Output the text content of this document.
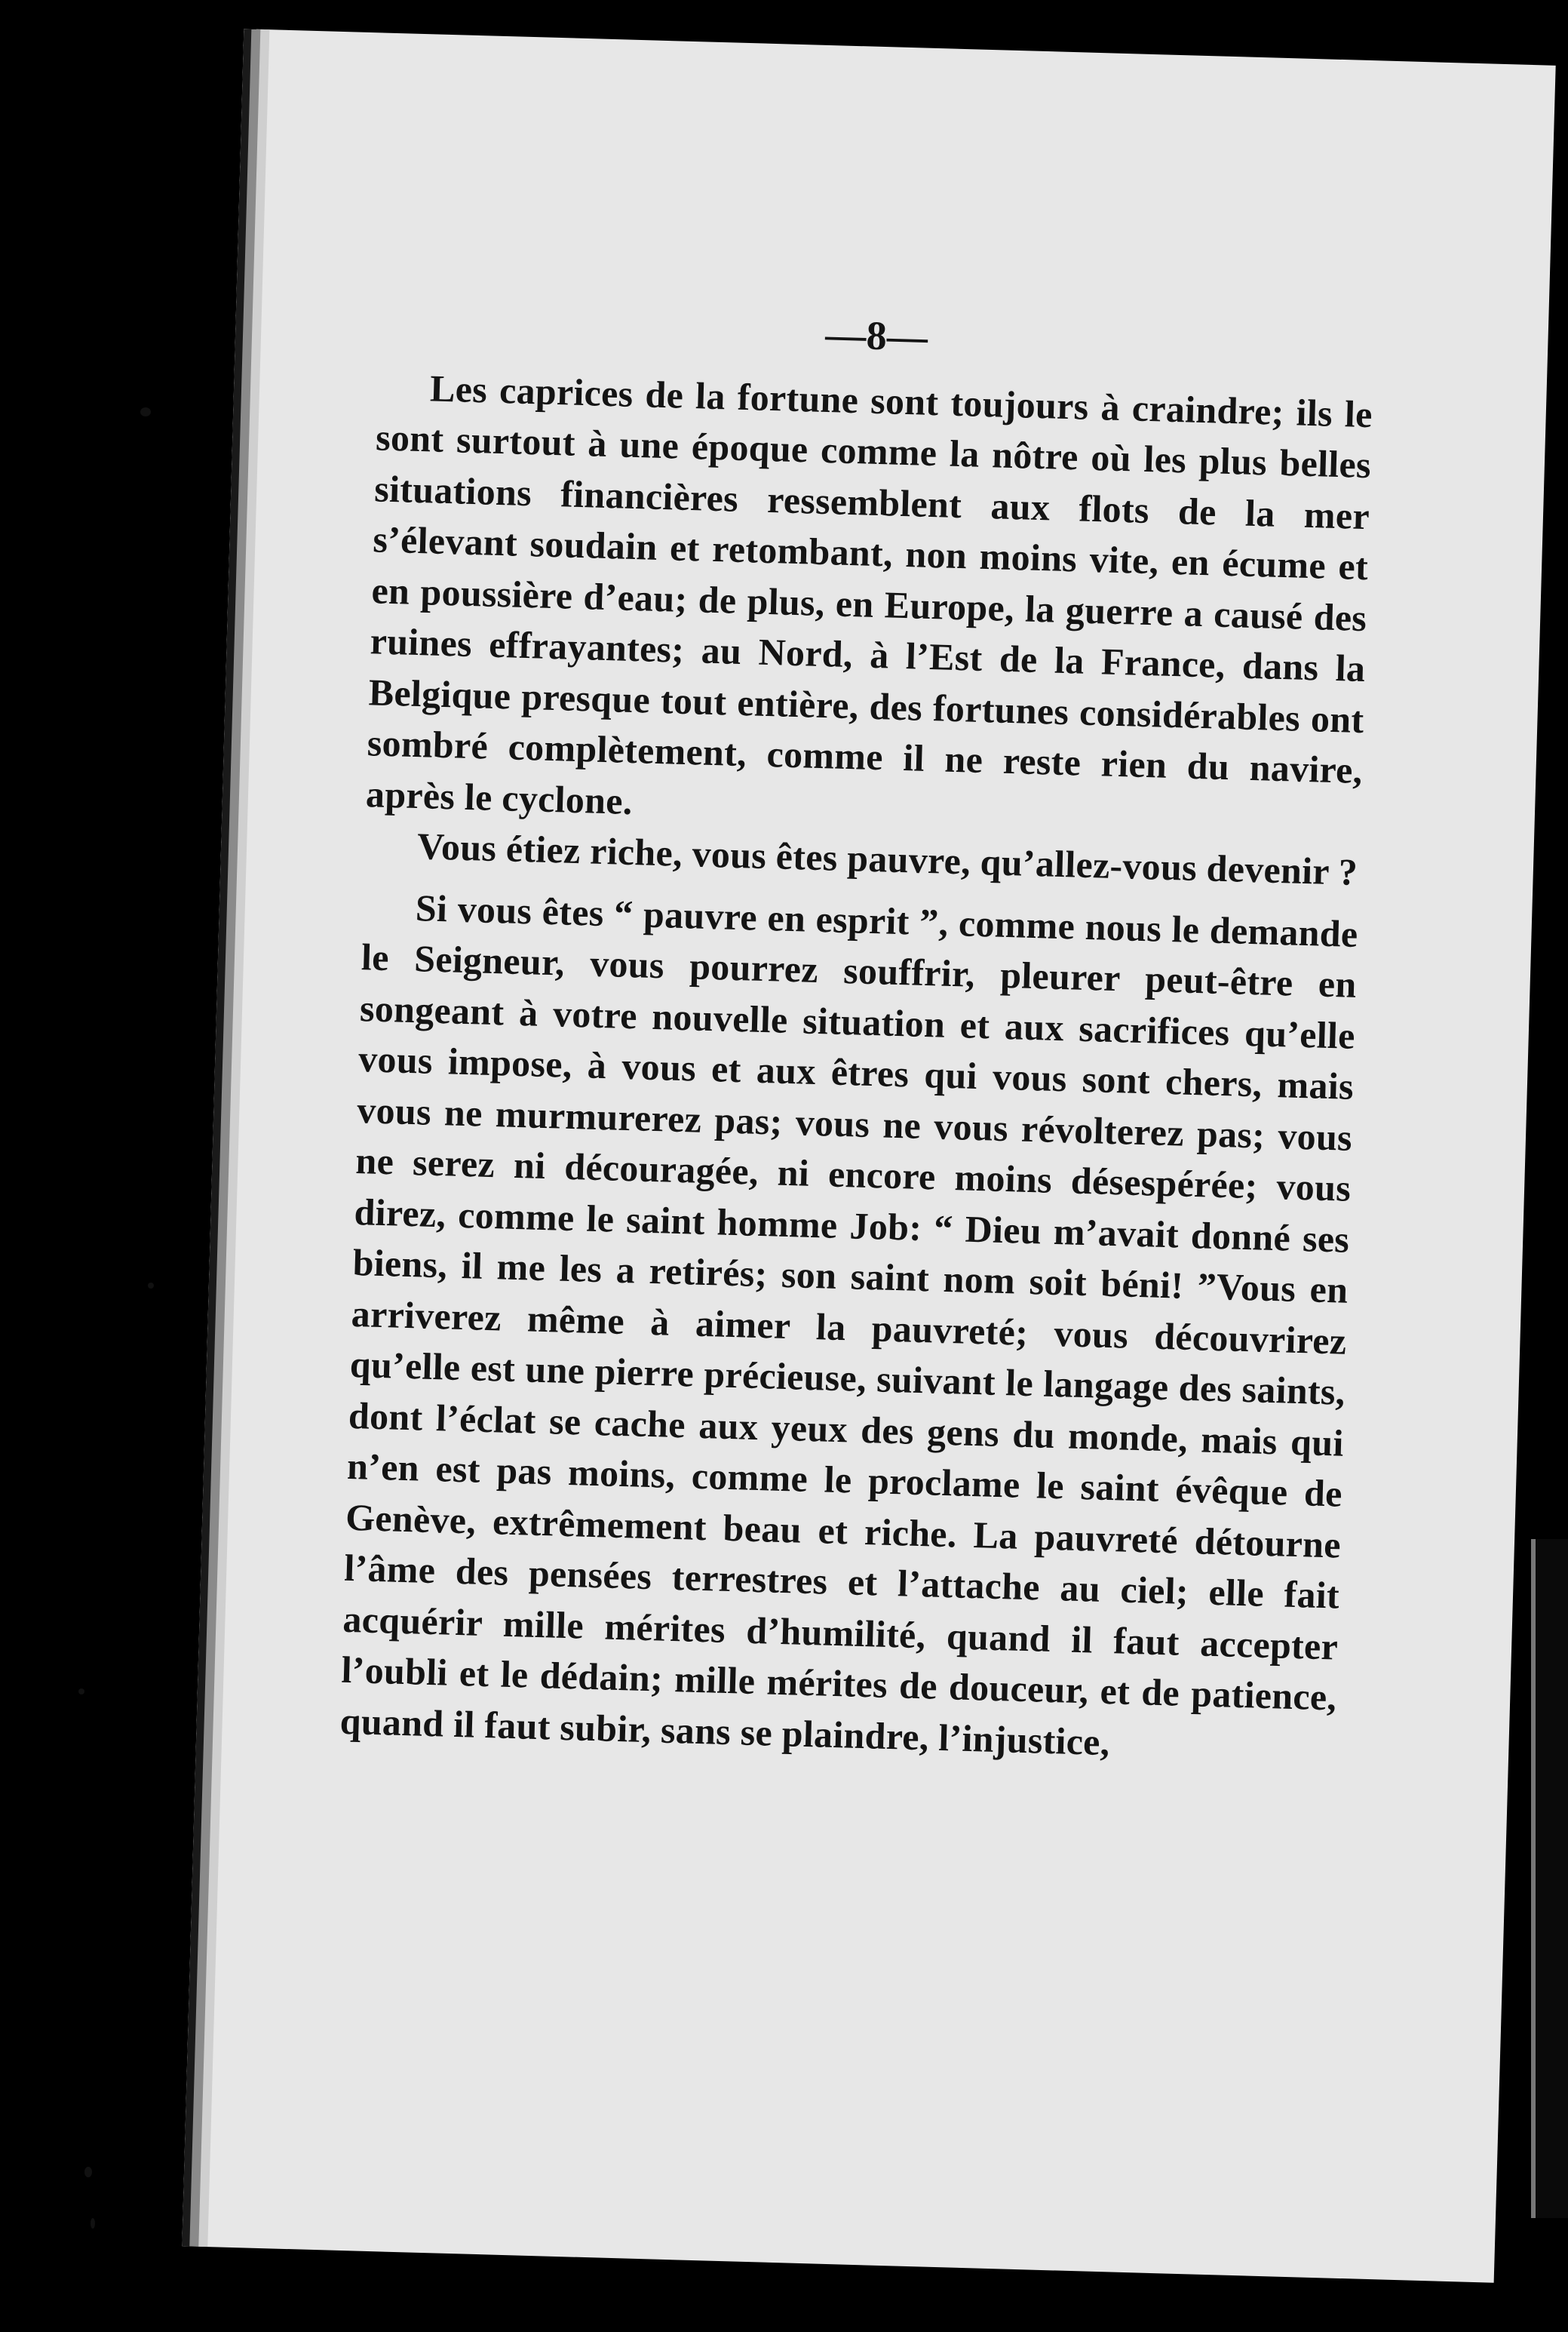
—8—

Les caprices de la fortune sont toujours à craindre; ils le sont surtout à une époque comme la nôtre où les plus belles situations financières ressemblent aux flots de la mer s’élevant soudain et retombant, non moins vite, en écume et en poussière d’eau; de plus, en Europe, la guerre a causé des ruines effrayantes; au Nord, à l’Est de la France, dans la Belgique presque tout entière, des fortunes considérables ont sombré complètement, comme il ne reste rien du navire, après le cyclone.

Vous étiez riche, vous êtes pauvre, qu’allez-vous devenir ?

Si vous êtes “ pauvre en esprit ”, comme nous le demande le Seigneur, vous pourrez souffrir, pleurer peut-être en songeant à votre nouvelle situation et aux sacrifices qu’elle vous impose, à vous et aux êtres qui vous sont chers, mais vous ne murmurerez pas; vous ne vous révolterez pas; vous ne serez ni découragée, ni encore moins désespérée; vous direz, comme le saint homme Job: “ Dieu m’avait donné ses biens, il me les a retirés; son saint nom soit béni! ”Vous en arriverez même à aimer la pauvreté; vous découvrirez qu’elle est une pierre précieuse, suivant le langage des saints, dont l’éclat se cache aux yeux des gens du monde, mais qui n’en est pas moins, comme le proclame le saint évêque de Genève, extrêmement beau et riche. La pauvreté détourne l’âme des pensées terrestres et l’attache au ciel; elle fait acquérir mille mérites d’humilité, quand il faut accepter l’oubli et le dédain; mille mérites de douceur, et de patience, quand il faut subir, sans se plaindre, l’injustice,
